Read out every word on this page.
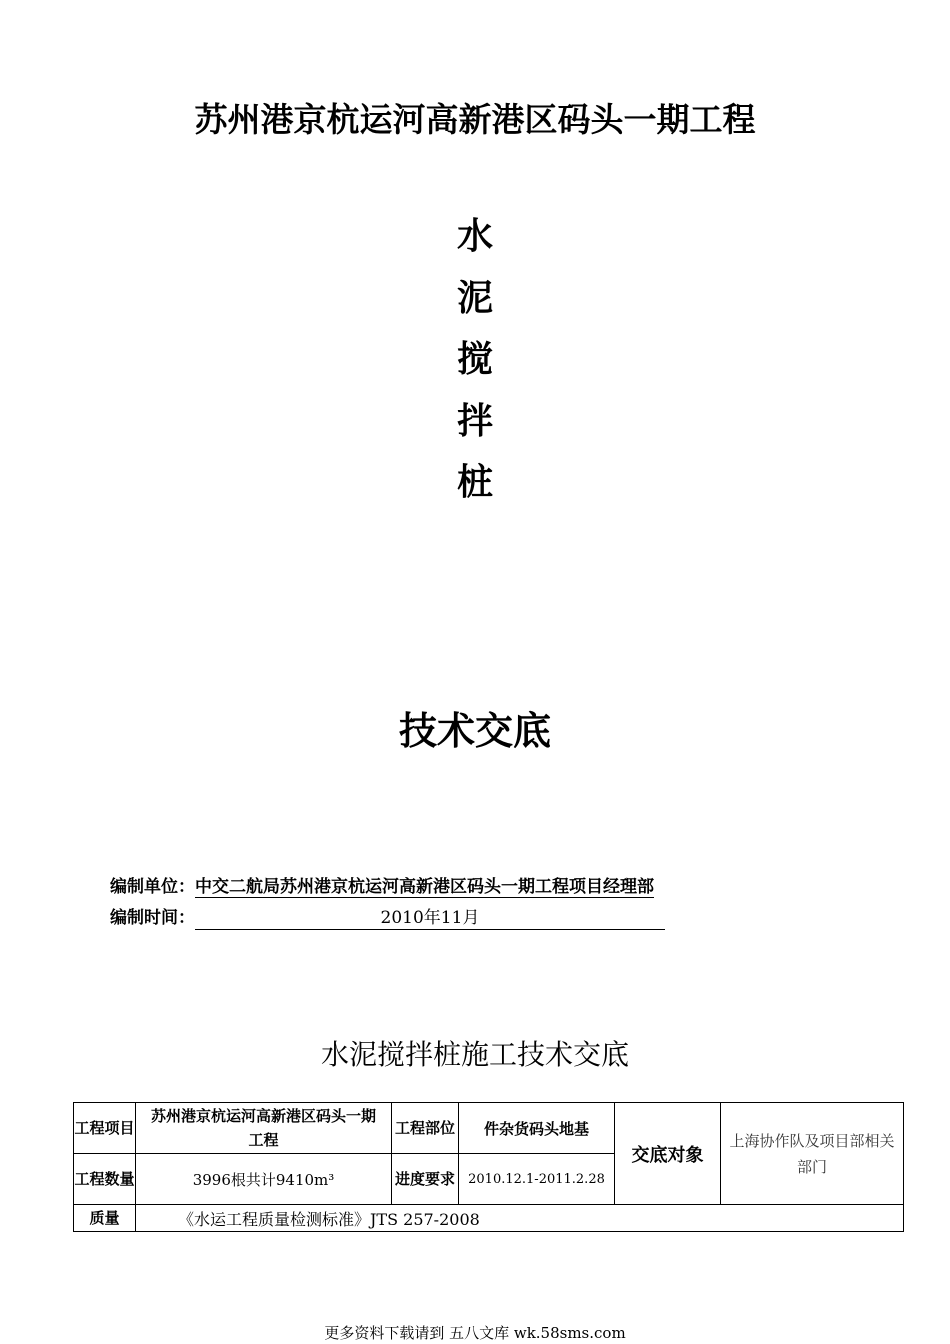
苏州港京杭运河高新港区码头一期工程
水
泥
搅
拌
桩
技术交底
编制单位：中交二航局苏州港京杭运河高新港区码头一期工程项目经理部
编制时间：	2010年11月
水泥搅拌桩施工技术交底
工程项目	苏州港京杭运河高新港区码头一期工程	工程部位	件杂货码头地基	交底对象	上海协作队及项目部相关部门
工程数量	3996根共计9410m³	进度要求	2010.12.1-2011.2.28		
质量	《水运工程质量检测标准》JTS 257-2008				
更多资料下载请到 五八文库 wk.58sms.com
